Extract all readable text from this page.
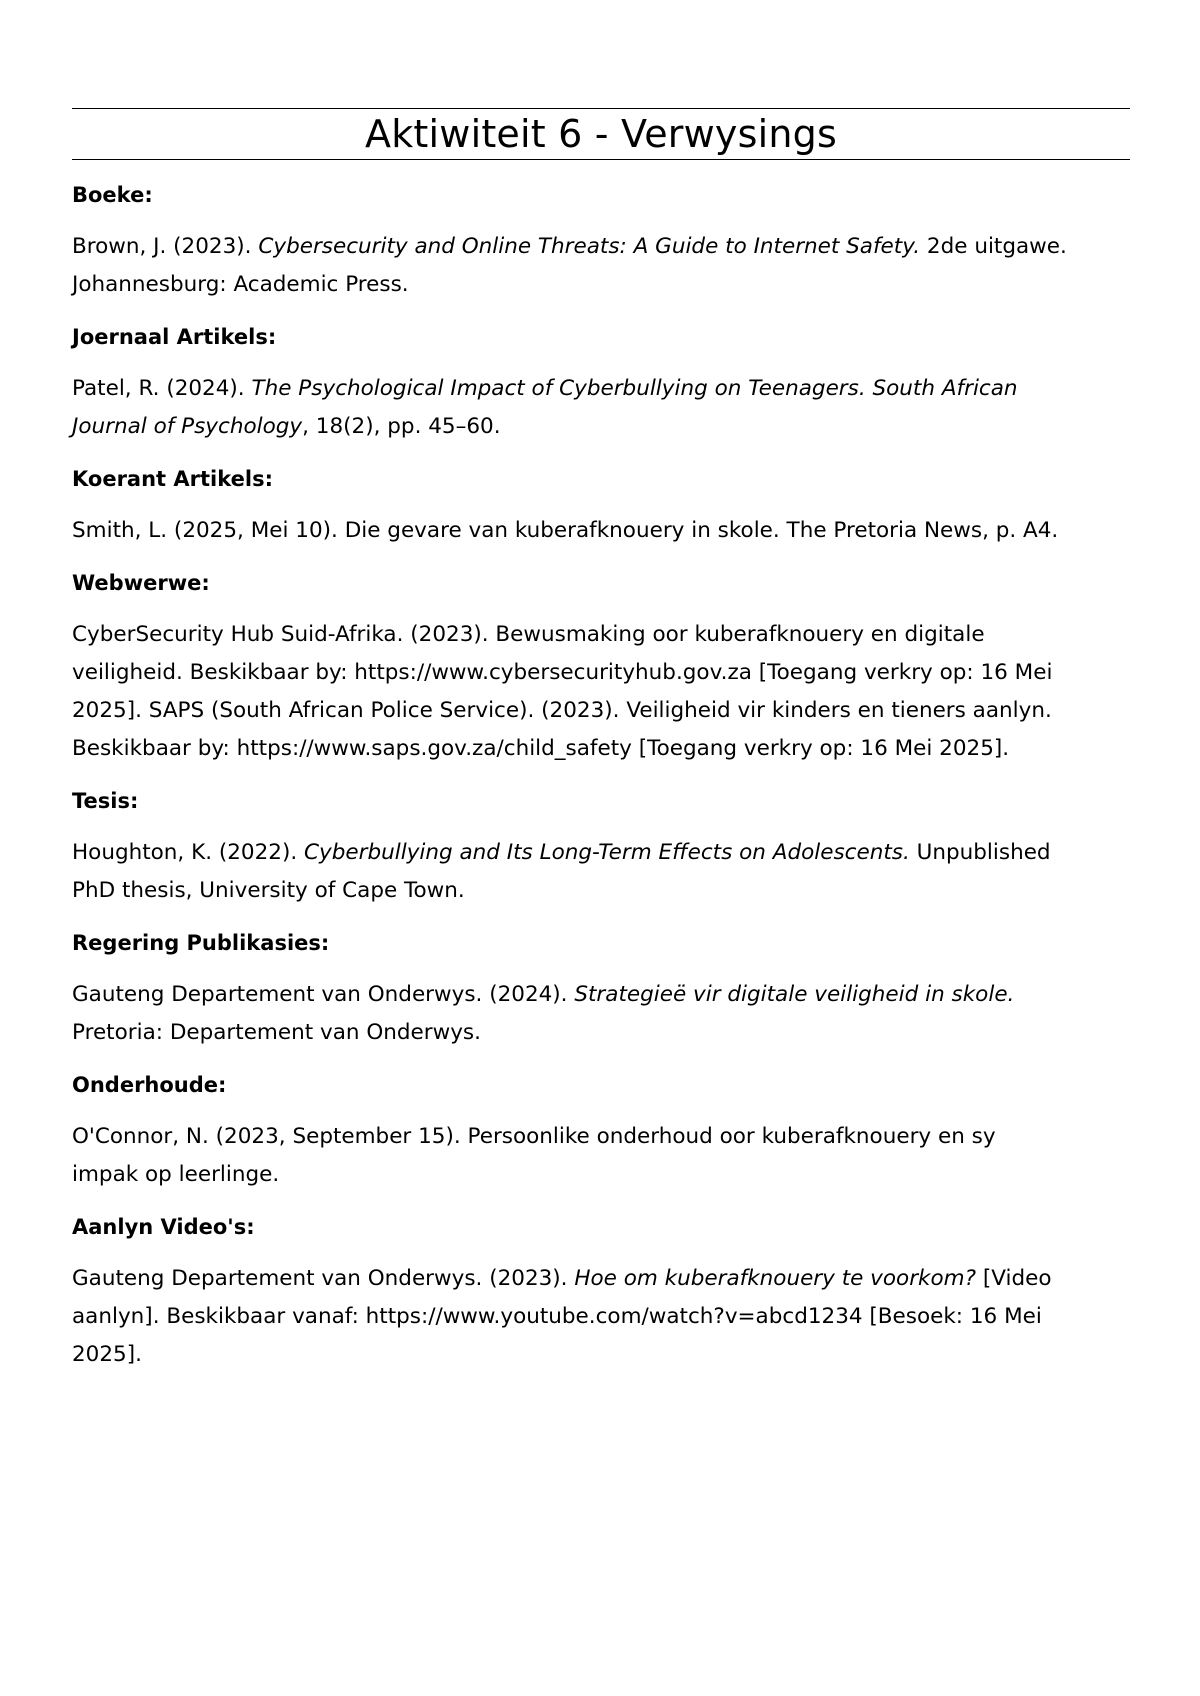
Aktiwiteit 6 - Verwysings
Boeke:
Brown, J. (2023). Cybersecurity and Online Threats: A Guide to Internet Safety. 2de uitgawe.
Johannesburg: Academic Press.
Joernaal Artikels:
Patel, R. (2024). The Psychological Impact of Cyberbullying on Teenagers. South African
Journal of Psychology, 18(2), pp. 45–60.
Koerant Artikels:
Smith, L. (2025, Mei 10). Die gevare van kuberafknouery in skole. The Pretoria News, p. A4.
Webwerwe:
CyberSecurity Hub Suid-Afrika. (2023). Bewusmaking oor kuberafknouery en digitale
veiligheid. Beskikbaar by: https://www.cybersecurityhub.gov.za [Toegang verkry op: 16 Mei
2025]. SAPS (South African Police Service). (2023). Veiligheid vir kinders en tieners aanlyn.
Beskikbaar by: https://www.saps.gov.za/child_safety [Toegang verkry op: 16 Mei 2025].
Tesis:
Houghton, K. (2022). Cyberbullying and Its Long-Term Effects on Adolescents. Unpublished
PhD thesis, University of Cape Town.
Regering Publikasies:
Gauteng Departement van Onderwys. (2024). Strategieë vir digitale veiligheid in skole.
Pretoria: Departement van Onderwys.
Onderhoude:
O'Connor, N. (2023, September 15). Persoonlike onderhoud oor kuberafknouery en sy
impak op leerlinge.
Aanlyn Video's:
Gauteng Departement van Onderwys. (2023). Hoe om kuberafknouery te voorkom? [Video
aanlyn]. Beskikbaar vanaf: https://www.youtube.com/watch?v=abcd1234 [Besoek: 16 Mei
2025].
